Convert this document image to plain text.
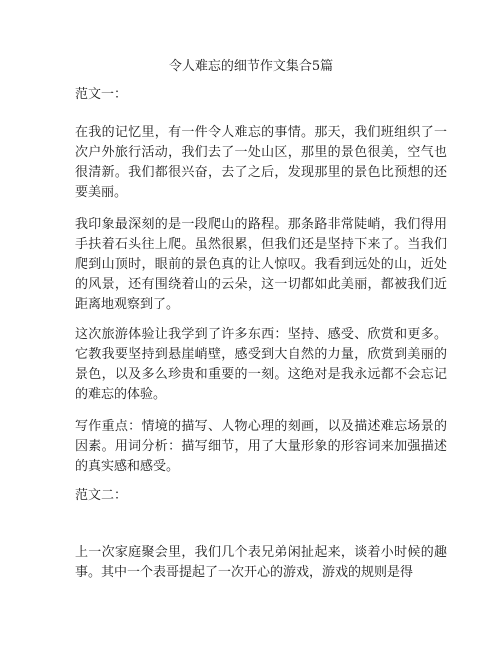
令人难忘的细节作文集合5篇
范文一：

在我的记忆里，有一件令人难忘的事情。那天，我们班组织了一次户外旅行活动，我们去了一处山区，那里的景色很美，空气也很清新。我们都很兴奋，去了之后，发现那里的景色比预想的还要美丽。

我印象最深刻的是一段爬山的路程。那条路非常陡峭，我们得用手扶着石头往上爬。虽然很累，但我们还是坚持下来了。当我们爬到山顶时，眼前的景色真的让人惊叹。我看到远处的山，近处的风景，还有围绕着山的云朵，这一切都如此美丽，都被我们近距离地观察到了。

这次旅游体验让我学到了许多东西：坚持、感受、欣赏和更多。它教我要坚持到悬崖峭壁，感受到大自然的力量，欣赏到美丽的景色，以及多么珍贵和重要的一刻。这绝对是我永远都不会忘记的难忘的体验。

写作重点：情境的描写、人物心理的刻画，以及描述难忘场景的因素。用词分析：描写细节，用了大量形象的形容词来加强描述的真实感和感受。

范文二：

上一次家庭聚会里，我们几个表兄弟闲扯起来，谈着小时候的趣事。其中一个表哥提起了一次开心的游戏，游戏的规则是得
